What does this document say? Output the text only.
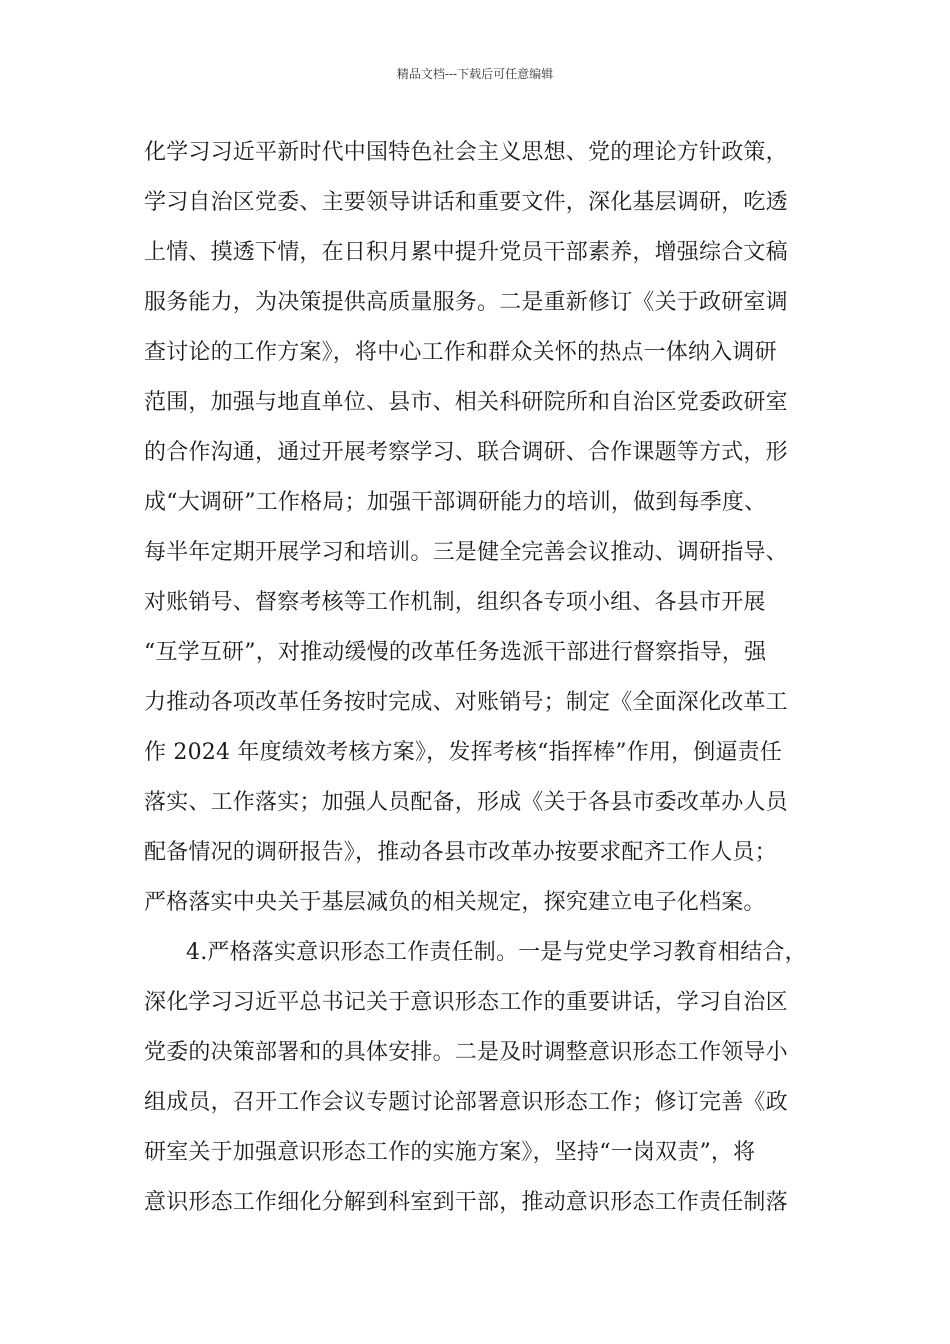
精品文档---下载后可任意编辑
化学习习近平新时代中国特色社会主义思想、党的理论方针政策，
学习自治区党委、主要领导讲话和重要文件，深化基层调研，吃透
上情、摸透下情，在日积月累中提升党员干部素养，增强综合文稿
服务能力，为决策提供高质量服务。二是重新修订《关于政研室调
查讨论的工作方案》，将中心工作和群众关怀的热点一体纳入调研
范围，加强与地直单位、县市、相关科研院所和自治区党委政研室
的合作沟通，通过开展考察学习、联合调研、合作课题等方式，形
成“大调研”工作格局；加强干部调研能力的培训，做到每季度、
每半年定期开展学习和培训。三是健全完善会议推动、调研指导、
对账销号、督察考核等工作机制，组织各专项小组、各县市开展
“互学互研”，对推动缓慢的改革任务选派干部进行督察指导，强
力推动各项改革任务按时完成、对账销号；制定《全面深化改革工
作 2024 年度绩效考核方案》，发挥考核“指挥棒”作用，倒逼责任
落实、工作落实；加强人员配备，形成《关于各县市委改革办人员
配备情况的调研报告》，推动各县市改革办按要求配齐工作人员；
严格落实中央关于基层减负的相关规定，探究建立电子化档案。
4.严格落实意识形态工作责任制。一是与党史学习教育相结合，
深化学习习近平总书记关于意识形态工作的重要讲话，学习自治区
党委的决策部署和的具体安排。二是及时调整意识形态工作领导小
组成员，召开工作会议专题讨论部署意识形态工作；修订完善《政
研室关于加强意识形态工作的实施方案》，坚持“一岗双责”，将
意识形态工作细化分解到科室到干部，推动意识形态工作责任制落
